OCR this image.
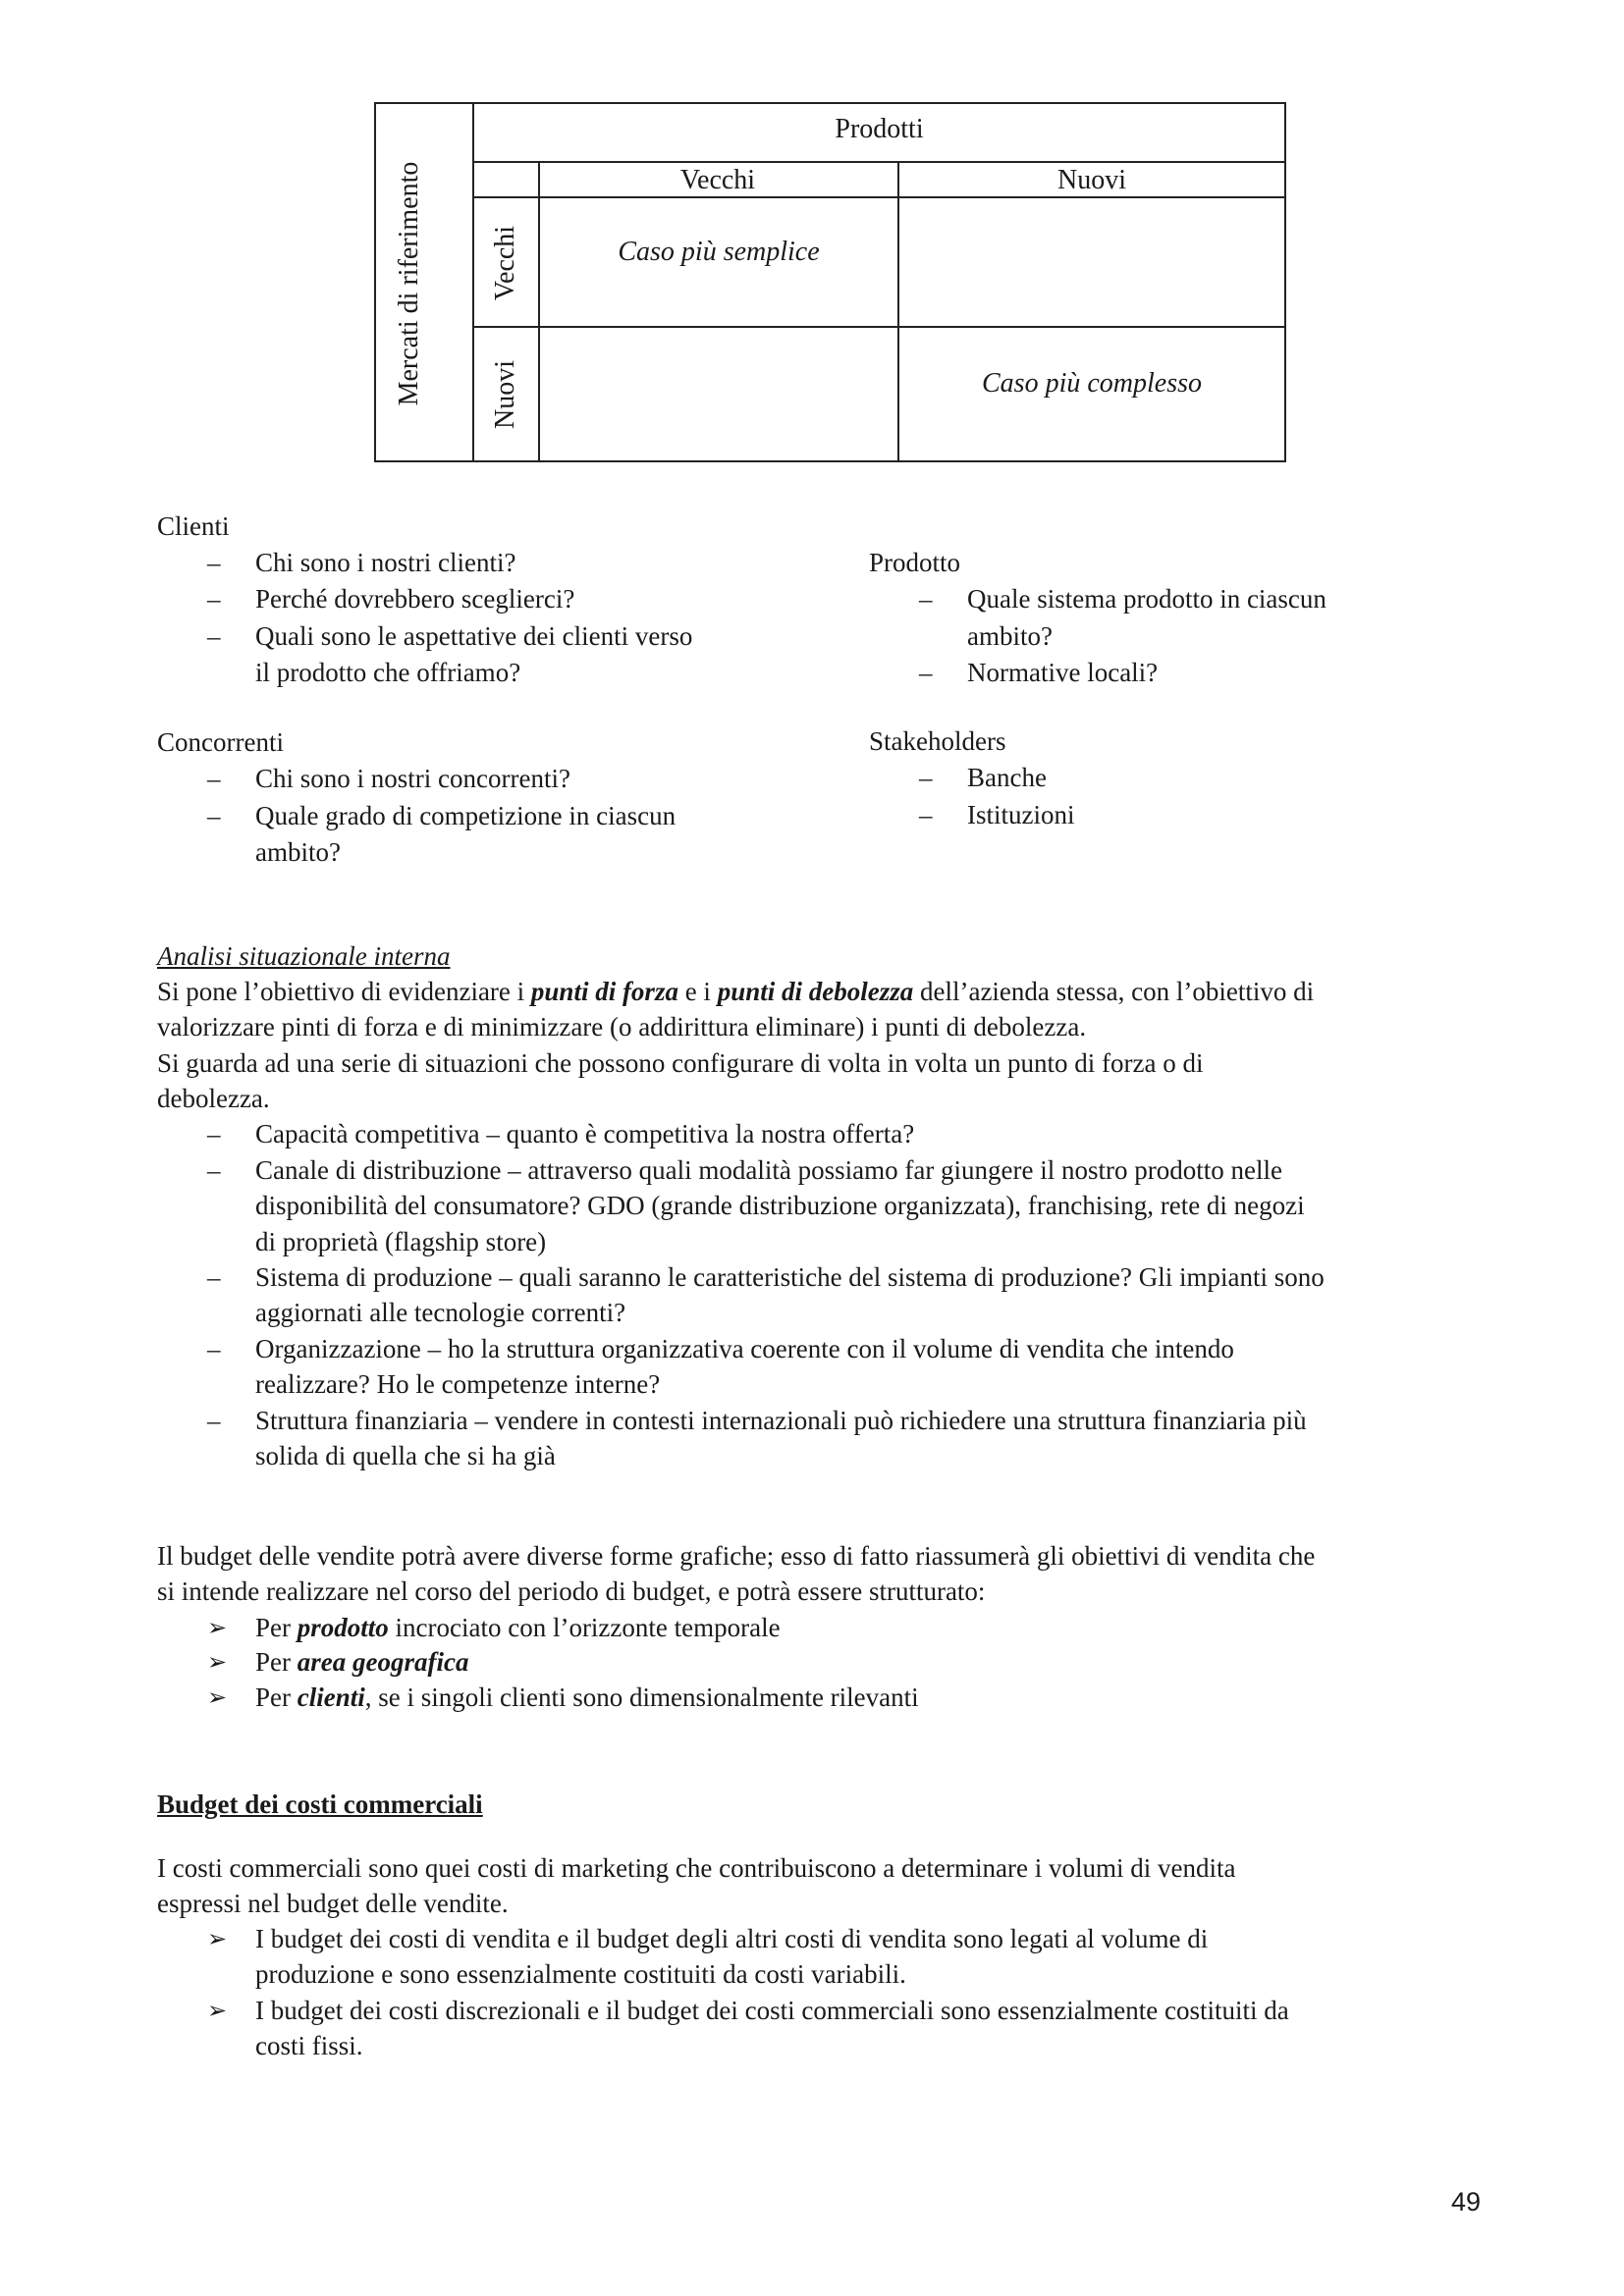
Prodotti
Vecchi	Nuovi
Mercati di riferimento Vecchi
Nuovi
Caso più semplice
Caso più complesso
Clienti
– Chi sono i nostri clienti?
– Perché dovrebbero sceglierci?
– Quali sono le aspettative dei clienti verso
il prodotto che offriamo?
Concorrenti
– Chi sono i nostri concorrenti?
– Quale grado di competizione in ciascun
ambito?
Prodotto
– Quale sistema prodotto in ciascun
ambito?
– Normative locali?
Stakeholders
– Banche
– Istituzioni
Analisi situazionale interna
Si pone l’obiettivo di evidenziare i punti di forza e i punti di debolezza dell’azienda stessa, con l’obiettivo di
valorizzare pinti di forza e di minimizzare (o addirittura eliminare) i punti di debolezza.
Si guarda ad una serie di situazioni che possono configurare di volta in volta un punto di forza o di
debolezza.
– Capacità competitiva – quanto è competitiva la nostra offerta?
– Canale di distribuzione – attraverso quali modalità possiamo far giungere il nostro prodotto nelle
disponibilità del consumatore? GDO (grande distribuzione organizzata), franchising, rete di negozi
di proprietà (flagship store)
– Sistema di produzione – quali saranno le caratteristiche del sistema di produzione? Gli impianti sono
aggiornati alle tecnologie correnti?
– Organizzazione – ho la struttura organizzativa coerente con il volume di vendita che intendo
realizzare? Ho le competenze interne?
– Struttura finanziaria – vendere in contesti internazionali può richiedere una struttura finanziaria più
solida di quella che si ha già
Il budget delle vendite potrà avere diverse forme grafiche; esso di fatto riassumerà gli obiettivi di vendita che
si intende realizzare nel corso del periodo di budget, e potrà essere strutturato:
➢ Per prodotto incrociato con l’orizzonte temporale
➢ Per area geografica
➢ Per clienti, se i singoli clienti sono dimensionalmente rilevanti
Budget dei costi commerciali
I costi commerciali sono quei costi di marketing che contribuiscono a determinare i volumi di vendita
espressi nel budget delle vendite.
➢ I budget dei costi di vendita e il budget degli altri costi di vendita sono legati al volume di
produzione e sono essenzialmente costituiti da costi variabili.
➢ I budget dei costi discrezionali e il budget dei costi commerciali sono essenzialmente costituiti da
costi fissi.
49
